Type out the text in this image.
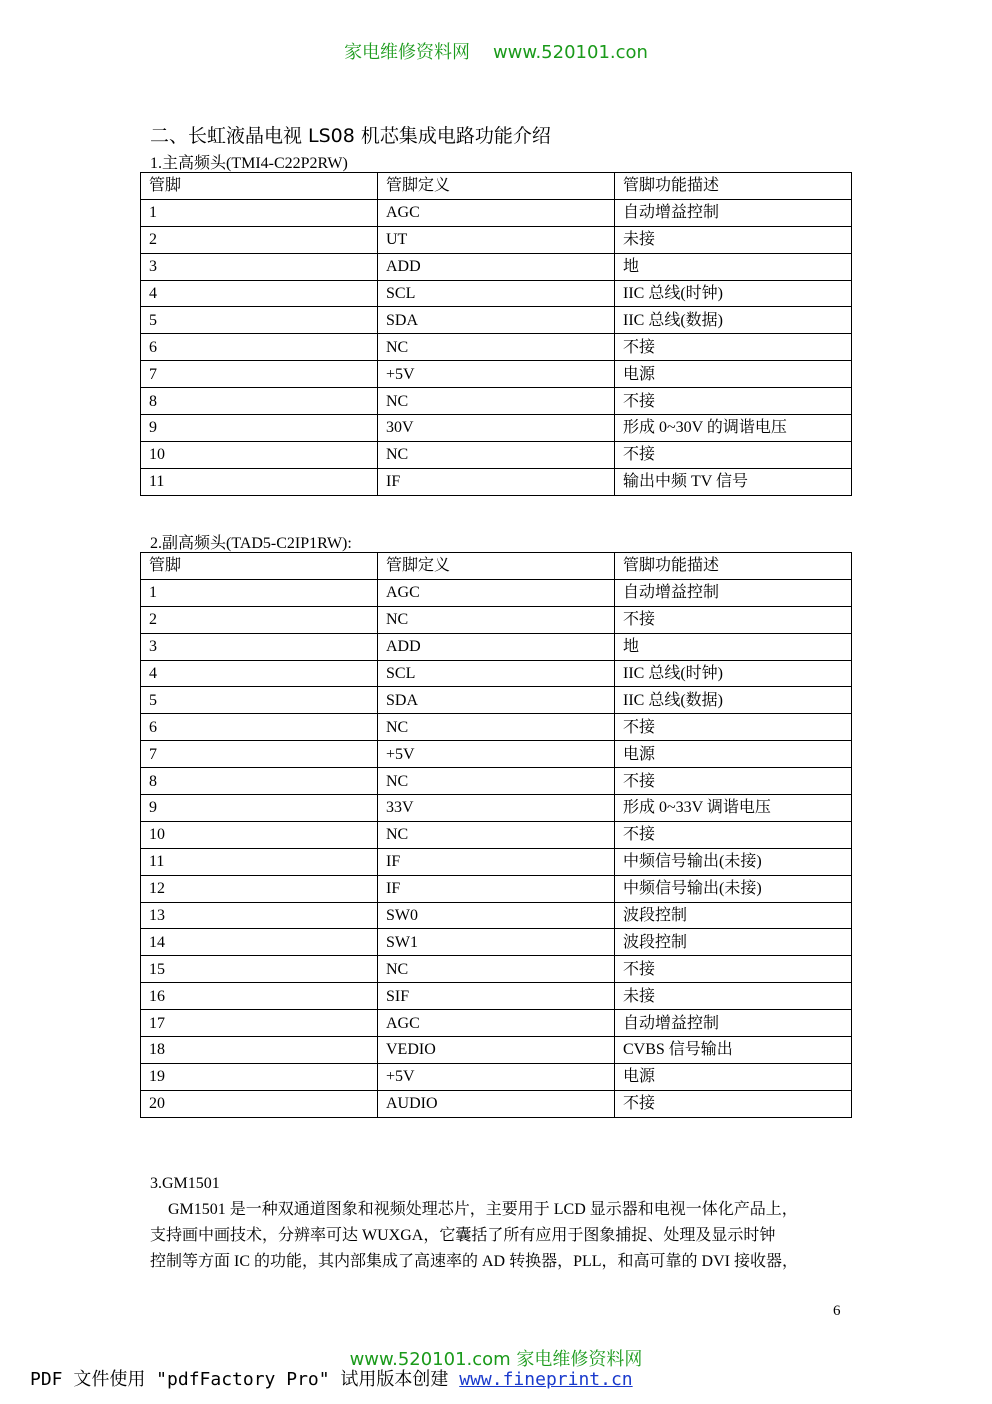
家电维修资料网    www.520101.con
二、长虹液晶电视 LS08 机芯集成电路功能介绍
1.主高频头(TMI4-C22P2RW)
管脚	管脚定义	管脚功能描述
1	AGC	自动增益控制
2	UT	未接
3	ADD	地
4	SCL	IIC 总线(时钟)
5	SDA	IIC 总线(数据)
6	NC	不接
7	+5V	电源
8	NC	不接
9	30V	形成 0~30V 的调谐电压
10	NC	不接
11	IF	输出中频 TV 信号
2.副高频头(TAD5-C2IP1RW):
管脚	管脚定义	管脚功能描述
1	AGC	自动增益控制
2	NC	不接
3	ADD	地
4	SCL	IIC 总线(时钟)
5	SDA	IIC 总线(数据)
6	NC	不接
7	+5V	电源
8	NC	不接
9	33V	形成 0~33V 调谐电压
10	NC	不接
11	IF	中频信号输出(未接)
12	IF	中频信号输出(未接)
13	SW0	波段控制
14	SW1	波段控制
15	NC	不接
16	SIF	未接
17	AGC	自动增益控制
18	VEDIO	CVBS 信号输出
19	+5V	电源
20	AUDIO	不接
3.GM1501

GM1501 是一种双通道图象和视频处理芯片，主要用于 LCD 显示器和电视一体化产品上，

支持画中画技术，分辨率可达 WUXGA，它囊括了所有应用于图象捕捉、处理及显示时钟

控制等方面 IC 的功能，其内部集成了高速率的 AD 转换器，PLL，和高可靠的 DVI 接收器，

6
www.520101.com 家电维修资料网
PDF 文件使用 "pdfFactory Pro" 试用版本创建 www.fineprint.cn
